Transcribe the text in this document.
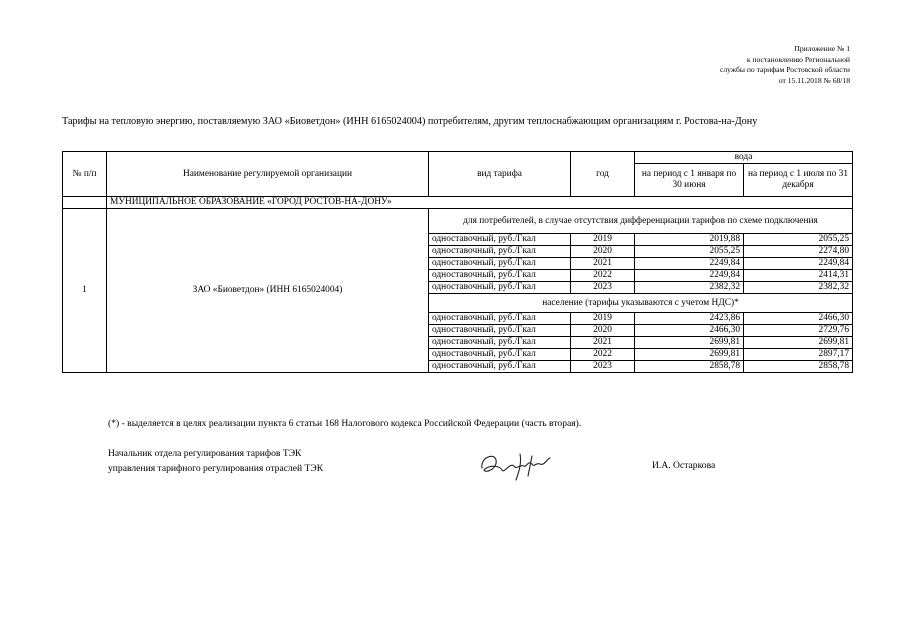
Приложение № 1
к постановлению Региональной
службы по тарифам Ростовской области
от 15.11.2018 № 68/18
Тарифы на тепловую энергию, поставляемую ЗАО «Биоветдон» (ИНН 6165024004) потребителям, другим теплоснабжающим организациям г. Ростова-на-Дону
№ п/п	Наименование регулируемой организации	вид тарифа	год	вода	
				на период с 1 января по 30 июня	на период с 1 июля по 31 декабря
	МУНИЦИПАЛЬНОЕ ОБРАЗОВАНИЕ «ГОРОД РОСТОВ-НА-ДОНУ»				
1	ЗАО «Биоветдон» (ИНН 6165024004)	для потребителей, в случае отсутствия дифференциации тарифов по схеме подключения			
		одноставочный, руб./Гкал	2019	2019,88	2055,25
		одноставочный, руб./Гкал	2020	2055,25	2274,80
		одноставочный, руб./Гкал	2021	2249,84	2249,84
		одноставочный, руб./Гкал	2022	2249,84	2414,31
		одноставочный, руб./Гкал	2023	2382,32	2382,32
		население (тарифы указываются с учетом НДС)*			
		одноставочный, руб./Гкал	2019	2423,86	2466,30
		одноставочный, руб./Гкал	2020	2466,30	2729,76
		одноставочный, руб./Гкал	2021	2699,81	2699,81
		одноставочный, руб./Гкал	2022	2699,81	2897,17
		одноставочный, руб./Гкал	2023	2858,78	2858,78
(*) - выделяется в целях реализации пункта 6 статьи 168 Налогового кодекса Российской Федерации (часть вторая).
Начальник отдела регулирования тарифов ТЭК
управления тарифного регулирования отраслей ТЭК	И.А. Остаркова
